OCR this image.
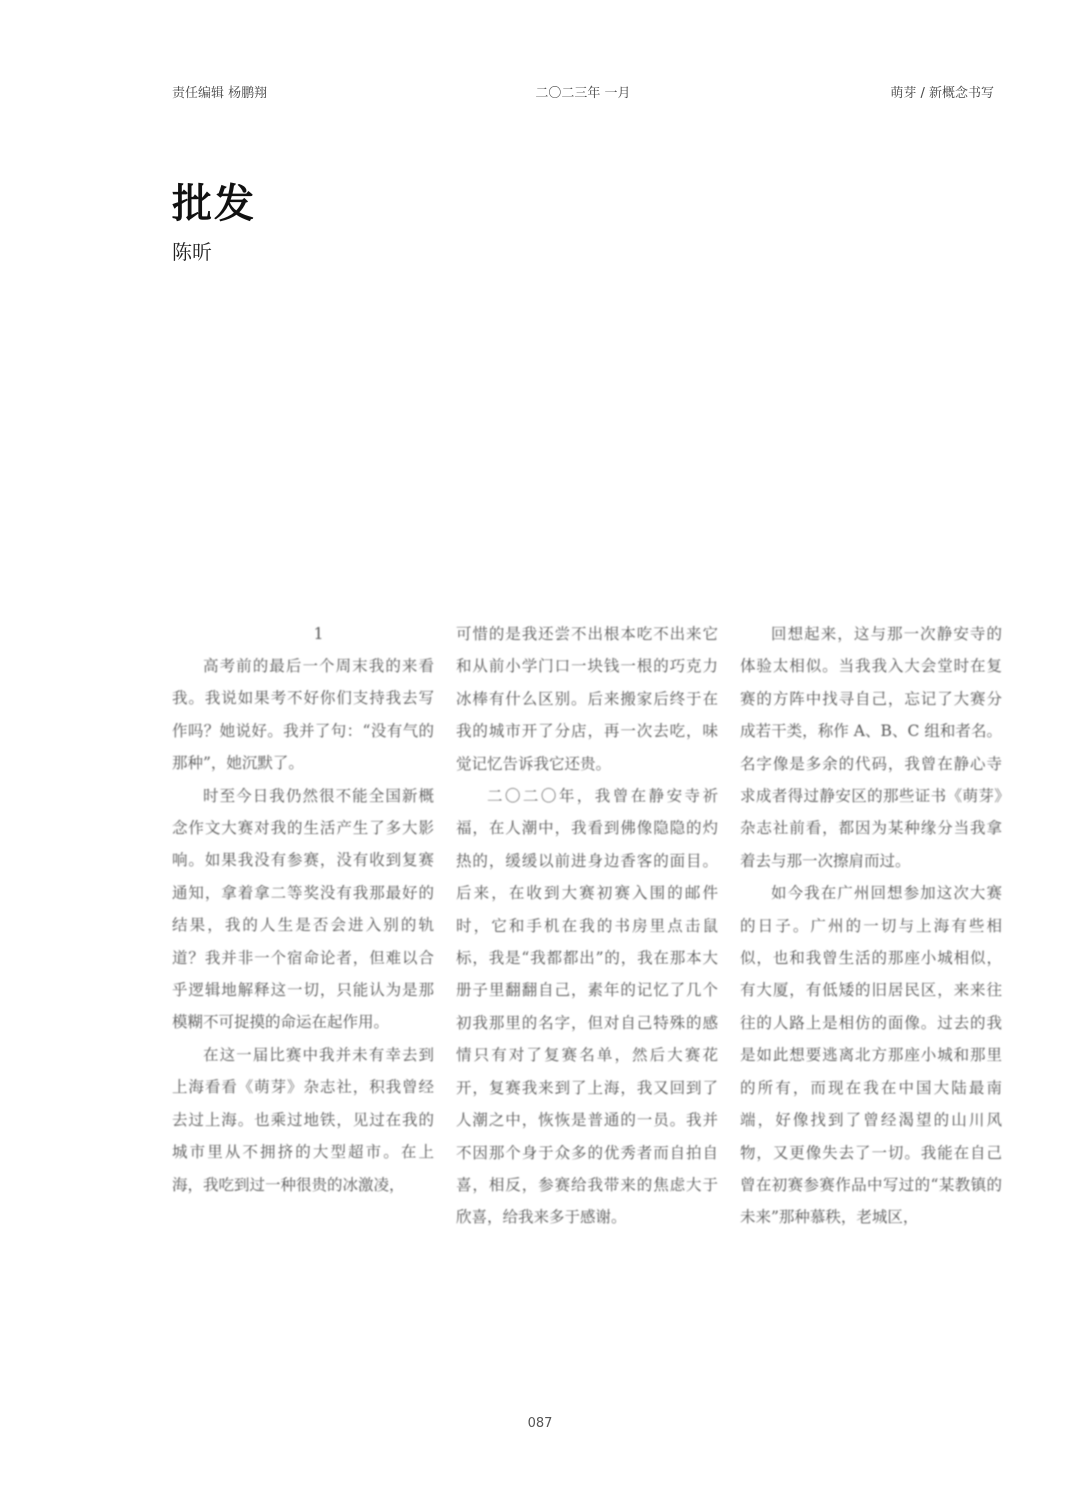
责任编辑 杨鹏翔	二〇二三年 一月	萌芽 / 新概念书写
批发
陈昕

1

高考前的最后一个周末我的来看我。我说如果考不好你们支持我去写作吗？她说好。我并了句：“没有气的那种”，她沉默了。

时至今日我仍然很不能全国新概念作文大赛对我的生活产生了多大影响。如果我没有参赛，没有收到复赛通知，拿着拿二等奖没有我那最好的结果，我的人生是否会进入别的轨道？我并非一个宿命论者，但难以合乎逻辑地解释这一切，只能认为是那模糊不可捉摸的命运在起作用。

在这一届比赛中我并未有幸去到上海看看《萌芽》杂志社，积我曾经去过上海。也乘过地铁，见过在我的城市里从不拥挤的大型超市。在上海，我吃到过一种很贵的冰激凌，

可惜的是我还尝不出根本吃不出来它和从前小学门口一块钱一根的巧克力冰棒有什么区别。后来搬家后终于在我的城市开了分店，再一次去吃，味觉记忆告诉我它还贵。

二〇二〇年，我曾在静安寺祈福，在人潮中，我看到佛像隐隐的灼热的，缓缓以前进身边香客的面目。后来，在收到大赛初赛入围的邮件时，它和手机在我的书房里点击鼠标，我是“我都都出”的，我在那本大册子里翻翻自己，素年的记忆了几个初我那里的名字，但对自己特殊的感情只有对了复赛名单，然后大赛花开，复赛我来到了上海，我又回到了人潮之中，恢恢是普通的一员。我并不因那个身于众多的优秀者而自拍自喜，相反，参赛给我带来的焦虑大于欣喜，给我来多于感谢。

回想起来，这与那一次静安寺的体验太相似。当我我入大会堂时在复赛的方阵中找寻自己，忘记了大赛分成若干类，称作 A、B、C 组和者名。名字像是多余的代码，我曾在静心寺求成者得过静安区的那些证书《萌芽》杂志社前看，都因为某种缘分当我拿着去与那一次擦肩而过。

如今我在广州回想参加这次大赛的日子。广州的一切与上海有些相似，也和我曾生活的那座小城相似，有大厦，有低矮的旧居民区，来来往往的人路上是相仿的面像。过去的我是如此想要逃离北方那座小城和那里的所有，而现在我在中国大陆最南端，好像找到了曾经渴望的山川风物，又更像失去了一切。我能在自己曾在初赛参赛作品中写过的“某教镇的未来”那种慕秩，老城区，

087
